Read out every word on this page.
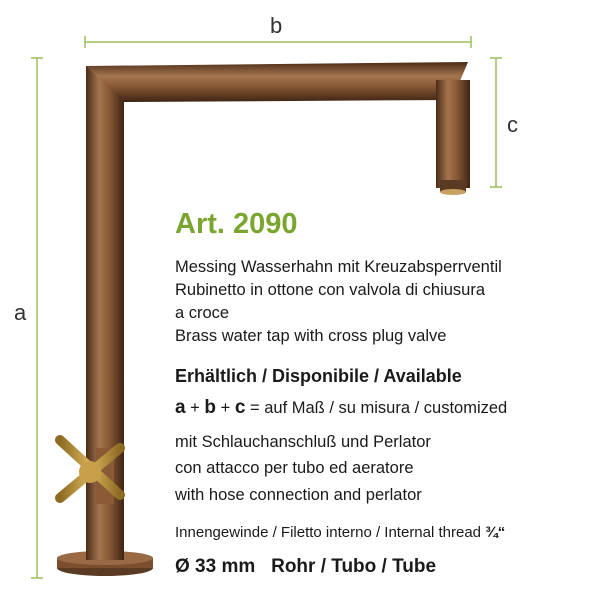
b
a
c
Art. 2090
Messing Wasserhahn mit Kreuzabsperrventil
Rubinetto in ottone con valvola di chiusura
a croce
Brass water tap with cross plug valve
Erhältlich / Disponibile / Available
a + b + c = auf Maß / su misura / customized
mit Schlauchanschluß und Perlator
con attacco per tubo ed aeratore
with hose connection and perlator
Innengewinde / Filetto interno / Internal thread ¾“
Ø 33 mm   Rohr / Tubo / Tube
